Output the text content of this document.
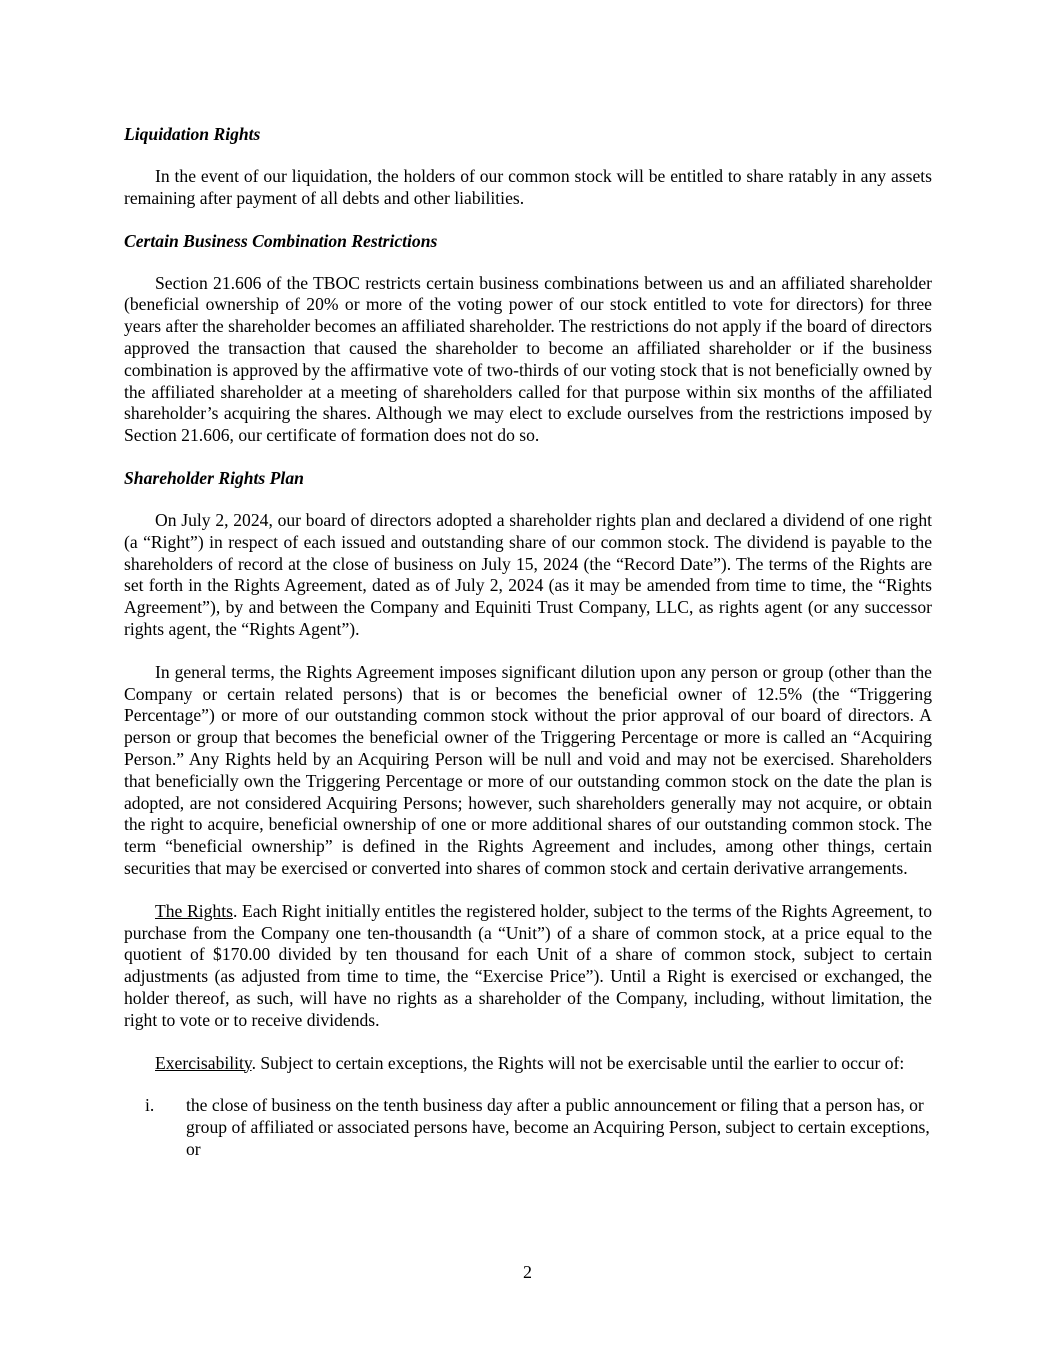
Liquidation Rights

In the event of our liquidation, the holders of our common stock will be entitled to share ratably in any assets remaining after payment of all debts and other liabilities.

Certain Business Combination Restrictions

Section 21.606 of the TBOC restricts certain business combinations between us and an affiliated shareholder (beneficial ownership of 20% or more of the voting power of our stock entitled to vote for directors) for three years after the shareholder becomes an affiliated shareholder. The restrictions do not apply if the board of directors approved the transaction that caused the shareholder to become an affiliated shareholder or if the business combination is approved by the affirmative vote of two-thirds of our voting stock that is not beneficially owned by the affiliated shareholder at a meeting of shareholders called for that purpose within six months of the affiliated shareholder’s acquiring the shares. Although we may elect to exclude ourselves from the restrictions imposed by Section 21.606, our certificate of formation does not do so.

Shareholder Rights Plan

On July 2, 2024, our board of directors adopted a shareholder rights plan and declared a dividend of one right (a “Right”) in respect of each issued and outstanding share of our common stock. The dividend is payable to the shareholders of record at the close of business on July 15, 2024 (the “Record Date”). The terms of the Rights are set forth in the Rights Agreement, dated as of July 2, 2024 (as it may be amended from time to time, the “Rights Agreement”), by and between the Company and Equiniti Trust Company, LLC, as rights agent (or any successor rights agent, the “Rights Agent”).

In general terms, the Rights Agreement imposes significant dilution upon any person or group (other than the Company or certain related persons) that is or becomes the beneficial owner of 12.5% (the “Triggering Percentage”) or more of our outstanding common stock without the prior approval of our board of directors. A person or group that becomes the beneficial owner of the Triggering Percentage or more is called an “Acquiring Person.” Any Rights held by an Acquiring Person will be null and void and may not be exercised. Shareholders that beneficially own the Triggering Percentage or more of our outstanding common stock on the date the plan is adopted, are not considered Acquiring Persons; however, such shareholders generally may not acquire, or obtain the right to acquire, beneficial ownership of one or more additional shares of our outstanding common stock. The term “beneficial ownership” is defined in the Rights Agreement and includes, among other things, certain securities that may be exercised or converted into shares of common stock and certain derivative arrangements.

The Rights. Each Right initially entitles the registered holder, subject to the terms of the Rights Agreement, to purchase from the Company one ten-thousandth (a “Unit”) of a share of common stock, at a price equal to the quotient of $170.00 divided by ten thousand for each Unit of a share of common stock, subject to certain adjustments (as adjusted from time to time, the “Exercise Price”). Until a Right is exercised or exchanged, the holder thereof, as such, will have no rights as a shareholder of the Company, including, without limitation, the right to vote or to receive dividends.

Exercisability. Subject to certain exceptions, the Rights will not be exercisable until the earlier to occur of:

i. the close of business on the tenth business day after a public announcement or filing that a person has, or group of affiliated or associated persons have, become an Acquiring Person, subject to certain exceptions, or
2
